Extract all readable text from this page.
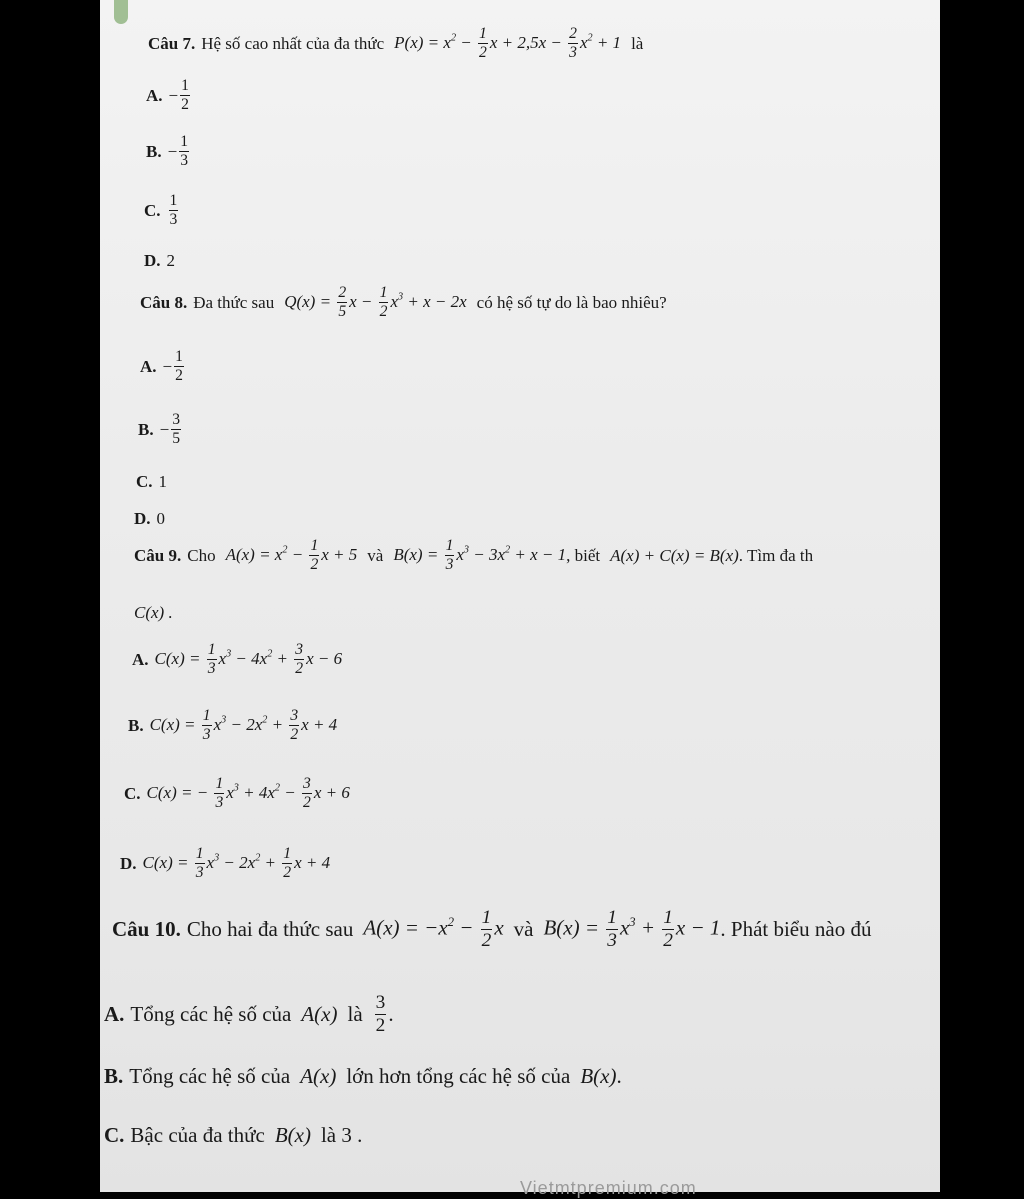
Câu 7. Hệ số cao nhất của đa thức $P(x) = x^2 - \frac{1}{2}$ $x + 2,5x - \frac{2}{3} x^2 + 1$ là
A. − $\frac{1}{2}$
B. − $\frac{1}{3}$
C. $\frac{1}{3}$
D. 2
Câu 8. Đa thức sau $Q(x) = \frac{2}{5}$ $x - \frac{1}{2} x^3 + x - 2x$ có hệ số tự do là bao nhiêu?
A. − $\frac{1}{2}$
B. − $\frac{3}{5}$
C. 1
D. 0
Câu 9. Cho $A(x) = x^2 - \frac{1}{2}$ x + 5 và $B(x) = \frac{1}{3} x^3 - 3x^2 + x - 1$ , biết A(x) + C(x) = B(x) . Tìm đa th
C(x) .
A. $C(x) = \frac{1}{3} x^3 - 4x^2 + \frac{3}{2}$ x − 6
B. $C(x) = \frac{1}{3} x^3 - 2x^2 + \frac{3}{2}$ x + 4
C. C(x) = − $\frac{1}{3} x^3 + 4x^2 - \frac{3}{2}$ x + 6
D. $C(x) = \frac{1}{3} x^3 - 2x^2 + \frac{1}{2}$ x + 4
Câu 10. Cho hai đa thức sau $A(x) = -x^2 - \frac{1}{2}$ x và $B(x) = \frac{1}{3} x^3 + \frac{1}{2}$ x − 1 . Phát biểu nào đú
A. Tổng các hệ số của A(x) là $\frac{3}{2}$ .
B. Tổng các hệ số của A(x) lớn hơn tổng các hệ số của B(x) .
C. Bậc của đa thức B(x) là 3 .
Vietmtpremium.com
